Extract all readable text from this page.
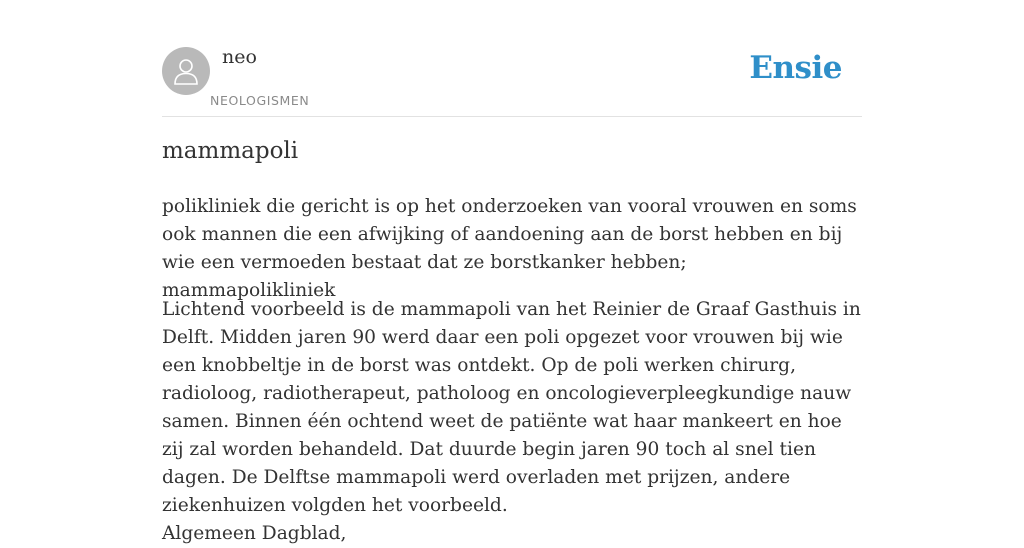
neo
NEOLOGISMEN
Ensie
mammapoli

polikliniek die gericht is op het onderzoeken van vooral vrouwen en soms ook mannen die een afwijking of aandoening aan de borst hebben en bij wie een vermoeden bestaat dat ze borstkanker hebben; mammapolikliniek

Lichtend voorbeeld is de mammapoli van het Reinier de Graaf Gasthuis in Delft. Midden jaren 90 werd daar een poli opgezet voor vrouwen bij wie een knobbeltje in de borst was ontdekt. Op de poli werken chirurg, radioloog, radiotherapeut, patholoog en oncologieverpleegkundige nauw samen. Binnen één ochtend weet de patiënte wat haar mankeert en hoe zij zal worden behandeld. Dat duurde begin jaren 90 toch al snel tien dagen. De Delftse mammapoli werd overladen met prijzen, andere ziekenhuizen volgden het voorbeeld.
Algemeen Dagblad,
